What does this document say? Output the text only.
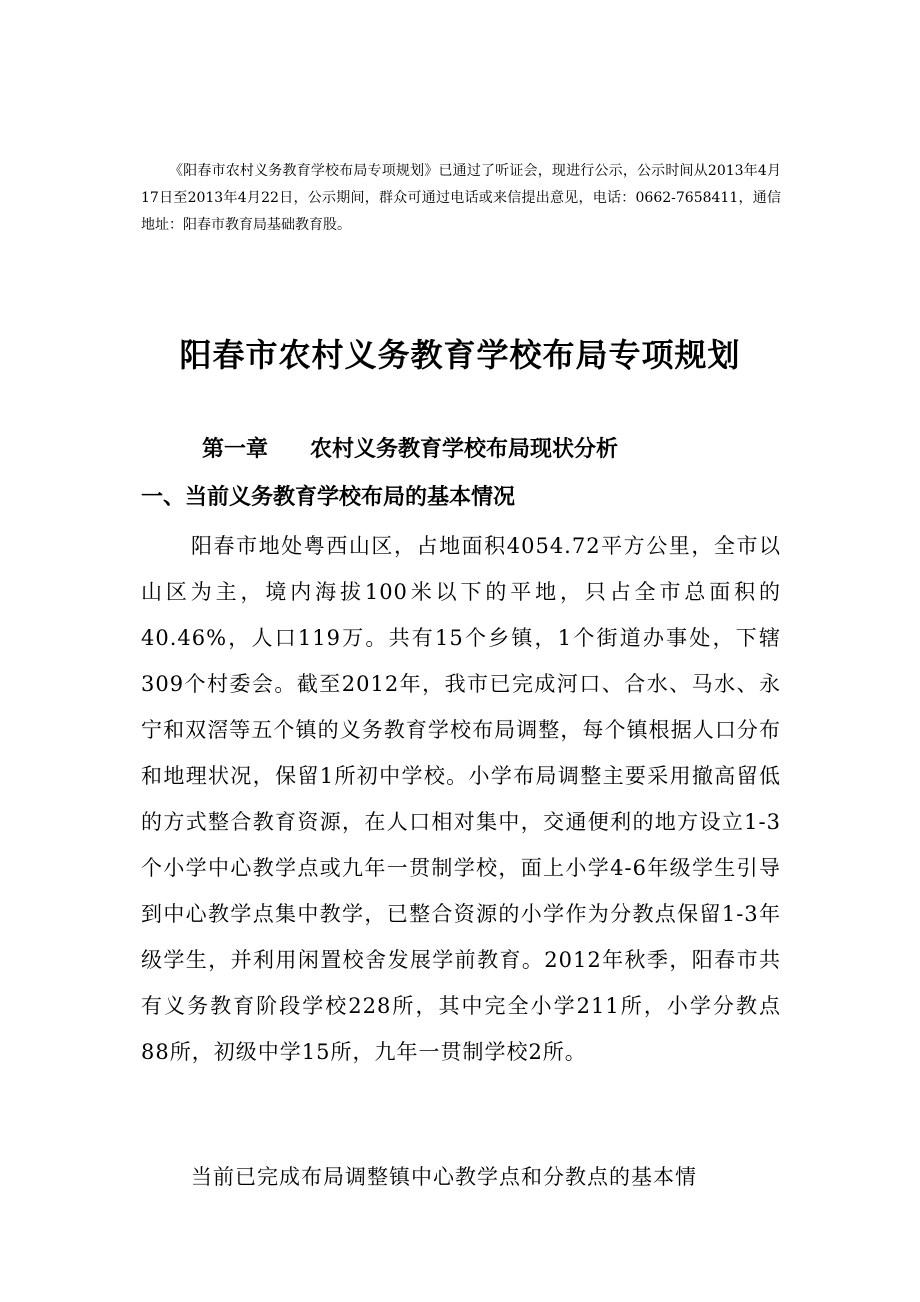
《阳春市农村义务教育学校布局专项规划》已通过了听证会，现进行公示，公示时间从2013年4月17日至2013年4月22日，公示期间，群众可通过电话或来信提出意见，电话：0662-7658411，通信地址：阳春市教育局基础教育股。

阳春市农村义务教育学校布局专项规划
第一章 农村义务教育学校布局现状分析
一、当前义务教育学校布局的基本情况

阳春市地处粤西山区，占地面积4054.72平方公里，全市以山区为主，境内海拔100米以下的平地，只占全市总面积的40.46%，人口119万。共有15个乡镇，1个街道办事处，下辖309个村委会。截至2012年，我市已完成河口、合水、马水、永宁和双滘等五个镇的义务教育学校布局调整，每个镇根据人口分布和地理状况，保留1所初中学校。小学布局调整主要采用撤高留低的方式整合教育资源，在人口相对集中，交通便利的地方设立1-3个小学中心教学点或九年一贯制学校，面上小学4-6年级学生引导到中心教学点集中教学，已整合资源的小学作为分教点保留1-3年级学生，并利用闲置校舍发展学前教育。2012年秋季，阳春市共有义务教育阶段学校228所，其中完全小学211所，小学分教点88所，初级中学15所，九年一贯制学校2所。

当前已完成布局调整镇中心教学点和分教点的基本情
